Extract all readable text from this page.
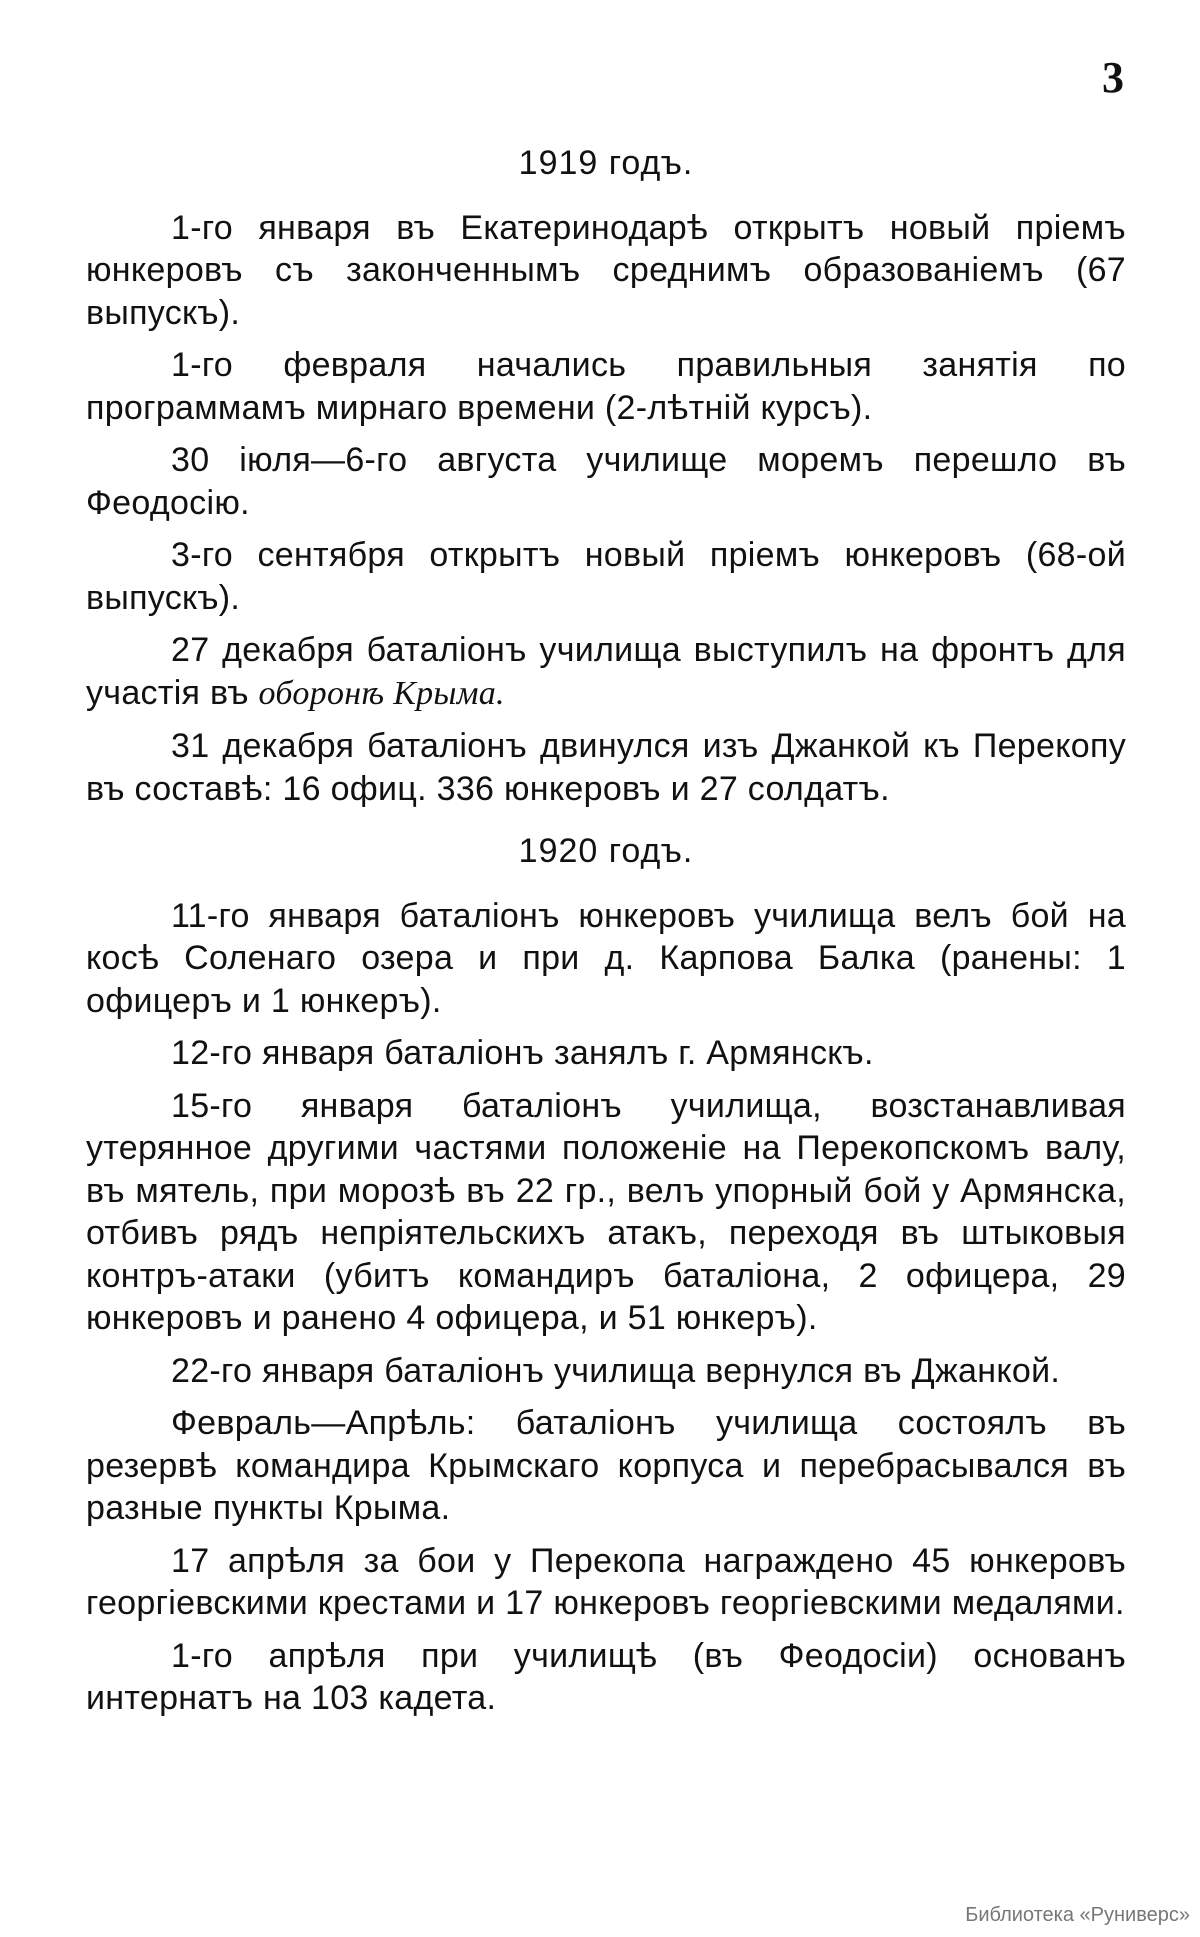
3
1919 годъ.

1-го января въ Екатеринодарѣ открытъ новый пріемъ юнкеровъ съ законченнымъ среднимъ образованіемъ (67 выпускъ).

1-го февраля начались правильныя занятія по программамъ мирнаго времени (2-лѣтній курсъ).

30 іюля—6-го августа училище моремъ перешло въ Феодосію.

3-го сентября открытъ новый пріемъ юнкеровъ (68-ой выпускъ).

27 декабря баталіонъ училища выступилъ на фронтъ для участія въ оборонѣ Крыма.

31 декабря баталіонъ двинулся изъ Джанкой къ Перекопу въ составѣ: 16 офиц. 336 юнкеровъ и 27 солдатъ.

1920 годъ.

11-го января баталіонъ юнкеровъ училища велъ бой на косѣ Соленаго озера и при д. Карпова Балка (ранены: 1 офицеръ и 1 юнкеръ).

12-го января баталіонъ занялъ г. Армянскъ.

15-го января баталіонъ училища, возстанавливая утерянное другими частями положеніе на Перекопскомъ валу, въ мятель, при морозѣ въ 22 гр., велъ упорный бой у Армянска, отбивъ рядъ непріятельскихъ атакъ, переходя въ штыковыя контръ-атаки (убитъ командиръ баталіона, 2 офицера, 29 юнкеровъ и ранено 4 офицера, и 51 юнкеръ).

22-го января баталіонъ училища вернулся въ Джанкой.

Февраль—Апрѣль: баталіонъ училища состоялъ въ резервѣ командира Крымскаго корпуса и перебрасывался въ разные пункты Крыма.

17 апрѣля за бои у Перекопа награждено 45 юнкеровъ георгіевскими крестами и 17 юнкеровъ георгіевскими медалями.

1-го апрѣля при училищѣ (въ Феодосіи) основанъ интернатъ на 103 кадета.

Библиотека «Руниверс»
